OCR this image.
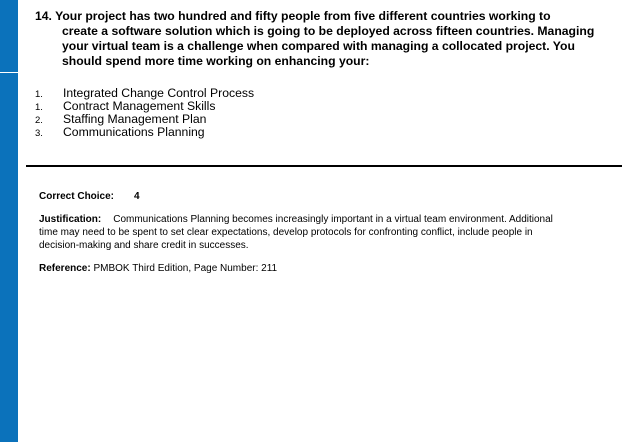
14. Your project has two hundred and fifty people from five different countries working to
create a software solution which is going to be deployed across fifteen countries. Managing your virtual team is a challenge when compared with managing a collocated project. You should spend more time working on enhancing your:
1.	Integrated Change Control Process
1.	Contract Management Skills
2.	Staffing Management Plan
3.	Communications Planning
Correct Choice: 4
Justification: Communications Planning becomes increasingly important in a virtual team environment. Additional time may need to be spent to set clear expectations, develop protocols for confronting conflict, include people in decision-making and share credit in successes.
Reference: PMBOK Third Edition, Page Number: 211
